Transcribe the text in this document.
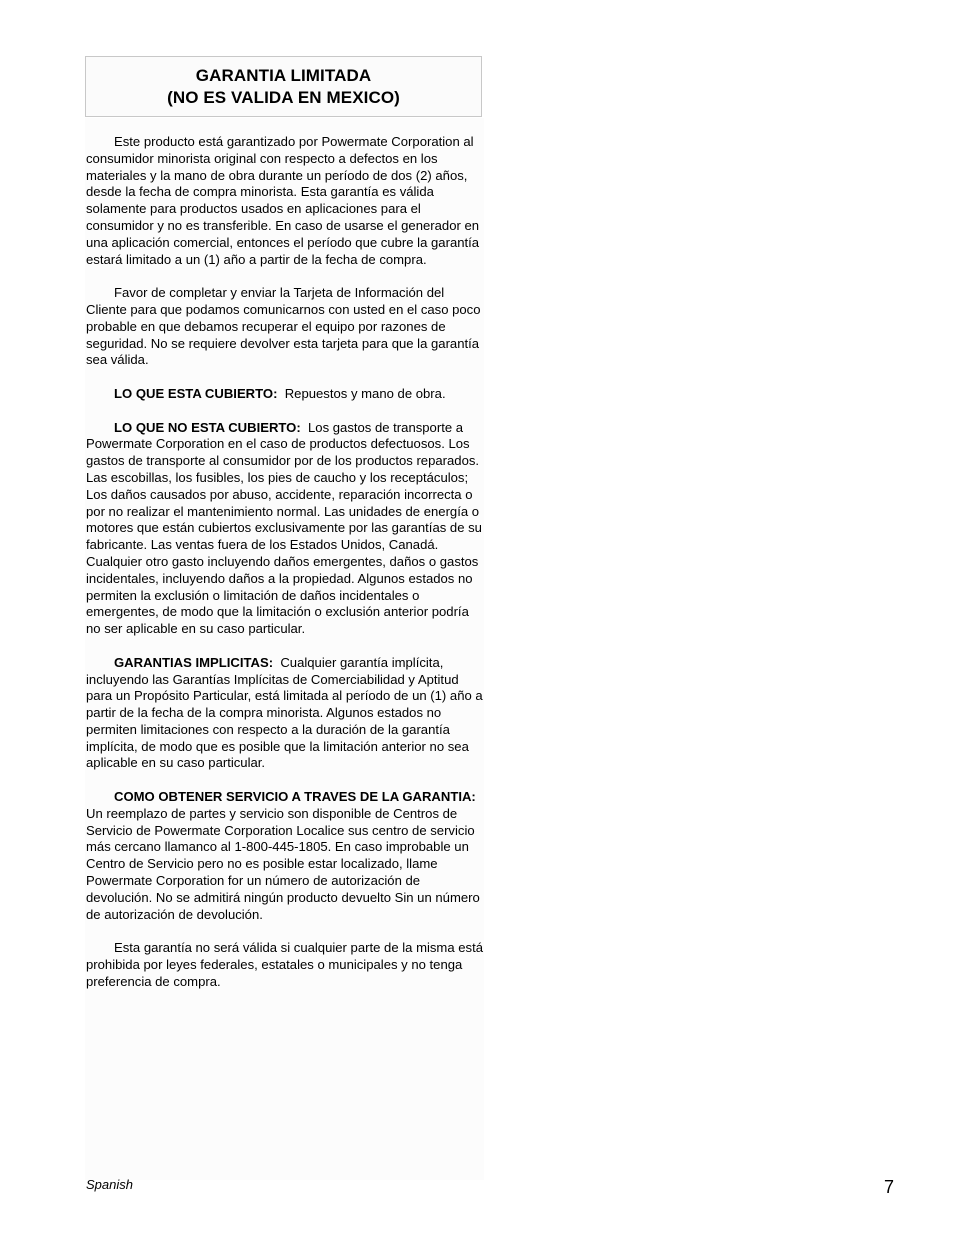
GARANTIA LIMITADA
(NO ES VALIDA EN MEXICO)

Este producto está garantizado por Powermate Corporation al consumidor minorista original con respecto a defectos en los materiales y la mano de obra durante un período de dos (2) años, desde la fecha de compra minorista. Esta garantía es válida solamente para productos usados en aplicaciones para el consumidor y no es transferible. En caso de usarse el generador en una aplicación comercial, entonces el período que cubre la garantía estará limitado a un (1) año a partir de la fecha de compra.

Favor de completar y enviar la Tarjeta de Información del Cliente para que podamos comunicarnos con usted en el caso poco probable en que debamos recuperar el equipo por razones de seguridad. No se requiere devolver esta tarjeta para que la garantía sea válida.

LO QUE ESTA CUBIERTO: Repuestos y mano de obra.

LO QUE NO ESTA CUBIERTO: Los gastos de transporte a Powermate Corporation en el caso de productos defectuosos. Los gastos de transporte al consumidor por de los productos reparados. Las escobillas, los fusibles, los pies de caucho y los receptáculos; Los daños causados por abuso, accidente, reparación incorrecta o por no realizar el mantenimiento normal. Las unidades de energía o motores que están cubiertos exclusivamente por las garantías de su fabricante. Las ventas fuera de los Estados Unidos, Canadá. Cualquier otro gasto incluyendo daños emergentes, daños o gastos incidentales, incluyendo daños a la propiedad. Algunos estados no permiten la exclusión o limitación de daños incidentales o emergentes, de modo que la limitación o exclusión anterior podría no ser aplicable en su caso particular.

GARANTIAS IMPLICITAS: Cualquier garantía implícita, incluyendo las Garantías Implícitas de Comerciabilidad y Aptitud para un Propósito Particular, está limitada al período de un (1) año a partir de la fecha de la compra minorista. Algunos estados no permiten limitaciones con respecto a la duración de la garantía implícita, de modo que es posible que la limitación anterior no sea aplicable en su caso particular.

COMO OBTENER SERVICIO A TRAVES DE LA GARANTIA:  Un reemplazo de partes y servicio son disponible de Centros de Servicio de Powermate Corporation Localice sus centro de servicio más cercano llamanco al 1-800-445-1805. En caso improbable un Centro de Servicio pero no es posible estar localizado, llame Powermate Corporation for un número de autorización de devolución. No se admitirá ningún producto devuelto Sin un número de autorización de devolución.

Esta garantía no será válida si cualquier parte de la misma está prohibida por leyes federales, estatales o municipales y no tenga preferencia de compra.

Spanish	7
